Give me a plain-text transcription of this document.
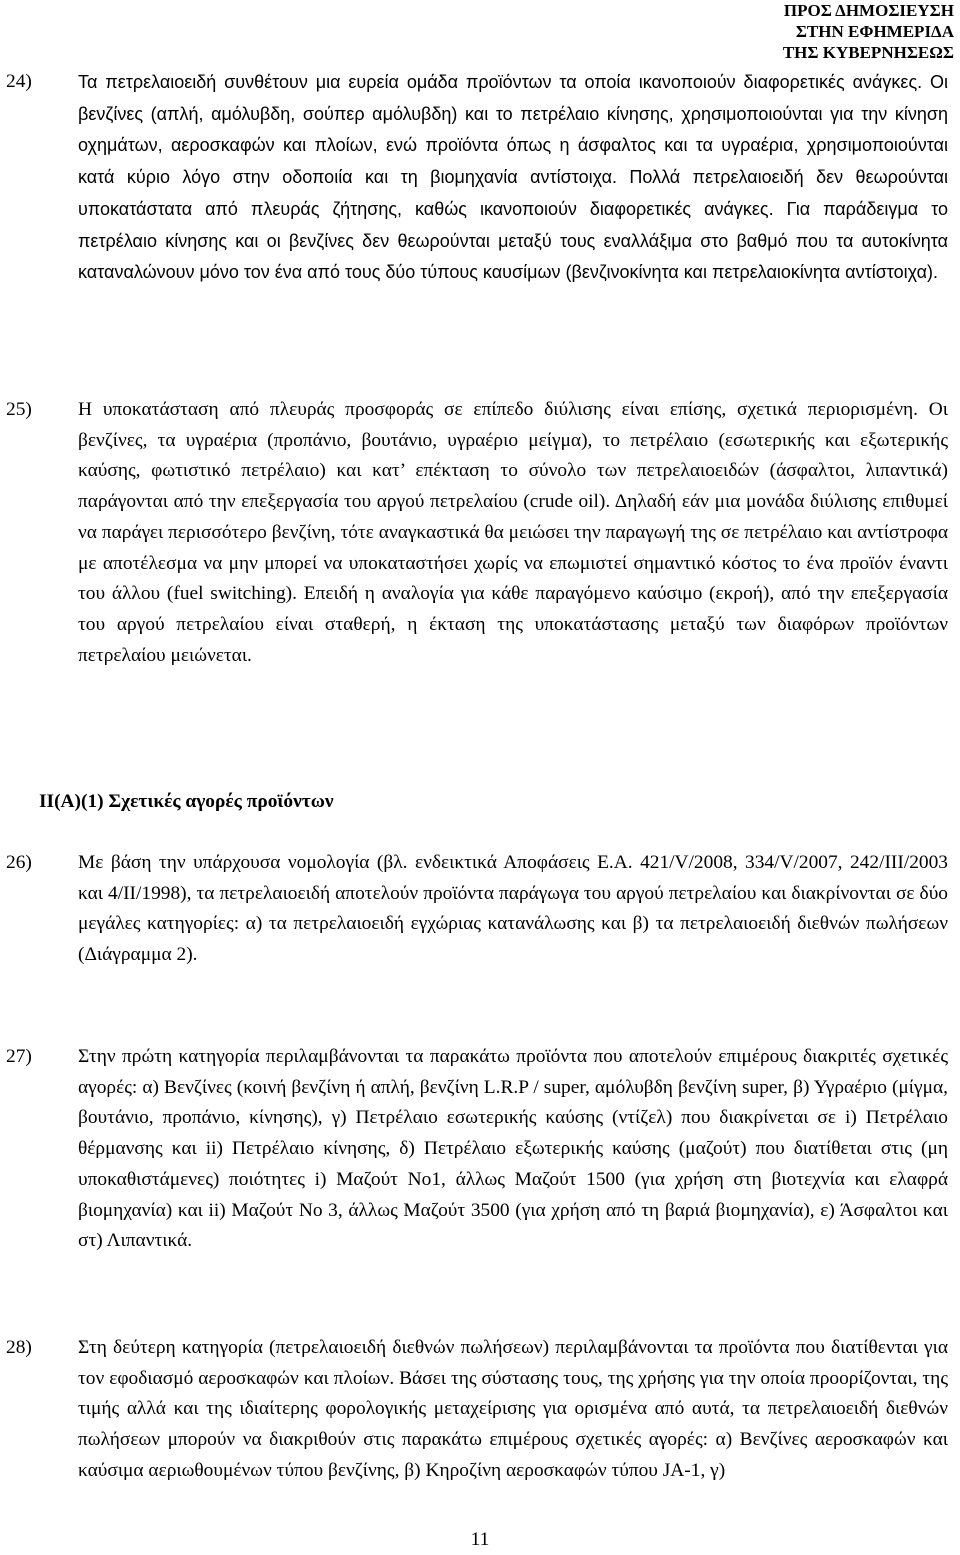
ΠΡΟΣ ΔΗΜΟΣΙΕΥΣΗ
ΣΤΗΝ ΕΦΗΜΕΡΙΔΑ
ΤΗΣ ΚΥΒΕΡΝΗΣΕΩΣ
24)	Τα πετρελαιοειδή συνθέτουν μια ευρεία ομάδα προϊόντων τα οποία ικανοποιούν διαφορετικές ανάγκες. Οι βενζίνες (απλή, αμόλυβδη, σούπερ αμόλυβδη) και το πετρέλαιο κίνησης, χρησιμοποιούνται για την κίνηση οχημάτων, αεροσκαφών και πλοίων, ενώ προϊόντα όπως η άσφαλτος και τα υγραέρια, χρησιμοποιούνται κατά κύριο λόγο στην οδοποιία και τη βιομηχανία αντίστοιχα. Πολλά πετρελαιοειδή δεν θεωρούνται υποκατάστατα από πλευράς ζήτησης, καθώς ικανοποιούν διαφορετικές ανάγκες. Για παράδειγμα το πετρέλαιο κίνησης και οι βενζίνες δεν θεωρούνται μεταξύ τους εναλλάξιμα στο βαθμό που τα αυτοκίνητα καταναλώνουν μόνο τον ένα από τους δύο τύπους καυσίμων (βενζινοκίνητα και πετρελαιοκίνητα αντίστοιχα).
25)	Η υποκατάσταση από πλευράς προσφοράς σε επίπεδο διύλισης είναι επίσης, σχετικά περιορισμένη. Οι βενζίνες, τα υγραέρια (προπάνιο, βουτάνιο, υγραέριο μείγμα), το πετρέλαιο (εσωτερικής και εξωτερικής καύσης, φωτιστικό πετρέλαιο) και κατ’ επέκταση το σύνολο των πετρελαιοειδών (άσφαλτοι, λιπαντικά) παράγονται από την επεξεργασία του αργού πετρελαίου (crude oil). Δηλαδή εάν μια μονάδα διύλισης επιθυμεί να παράγει περισσότερο βενζίνη, τότε αναγκαστικά θα μειώσει την παραγωγή της σε πετρέλαιο και αντίστροφα με αποτέλεσμα να μην μπορεί να υποκαταστήσει χωρίς να επωμιστεί σημαντικό κόστος το ένα προϊόν έναντι του άλλου (fuel switching). Επειδή η αναλογία για κάθε παραγόμενο καύσιμο (εκροή), από την επεξεργασία του αργού πετρελαίου είναι σταθερή, η έκταση της υποκατάστασης μεταξύ των διαφόρων προϊόντων πετρελαίου μειώνεται.
ΙΙ(Α)(1) Σχετικές αγορές προϊόντων
26)	Με βάση την υπάρχουσα νομολογία (βλ. ενδεικτικά Αποφάσεις Ε.Α. 421/V/2008, 334/V/2007, 242/III/2003 και 4/II/1998), τα πετρελαιοειδή αποτελούν προϊόντα παράγωγα του αργού πετρελαίου και διακρίνονται σε δύο μεγάλες κατηγορίες: α) τα πετρελαιοειδή εγχώριας κατανάλωσης και β) τα πετρελαιοειδή διεθνών πωλήσεων (Διάγραμμα 2).
27)	Στην πρώτη κατηγορία περιλαμβάνονται τα παρακάτω προϊόντα που αποτελούν επιμέρους διακριτές σχετικές αγορές: α) Βενζίνες (κοινή βενζίνη ή απλή, βενζίνη L.R.P / super, αμόλυβδη βενζίνη super, β) Υγραέριο (μίγμα, βουτάνιο, προπάνιο, κίνησης), γ) Πετρέλαιο εσωτερικής καύσης (ντίζελ) που διακρίνεται σε i) Πετρέλαιο θέρμανσης και ii) Πετρέλαιο κίνησης, δ) Πετρέλαιο εξωτερικής καύσης (μαζούτ) που διατίθεται στις (μη υποκαθιστάμενες) ποιότητες i) Μαζούτ Νο1, άλλως Μαζούτ 1500 (για χρήση στη βιοτεχνία και ελαφρά βιομηχανία) και ii) Μαζούτ Νο 3, άλλως Μαζούτ 3500 (για χρήση από τη βαριά βιομηχανία), ε) Άσφαλτοι και στ) Λιπαντικά.
28)	Στη δεύτερη κατηγορία (πετρελαιοειδή διεθνών πωλήσεων) περιλαμβάνονται τα προϊόντα που διατίθενται για τον εφοδιασμό αεροσκαφών και πλοίων. Βάσει της σύστασης τους, της χρήσης για την οποία προορίζονται, της τιμής αλλά και της ιδιαίτερης φορολογικής μεταχείρισης για ορισμένα από αυτά, τα πετρελαιοειδή διεθνών πωλήσεων μπορούν να διακριθούν στις παρακάτω επιμέρους σχετικές αγορές: α) Βενζίνες αεροσκαφών και καύσιμα αεριωθουμένων τύπου βενζίνης, β) Κηροζίνη αεροσκαφών τύπου JA-1, γ)
11
